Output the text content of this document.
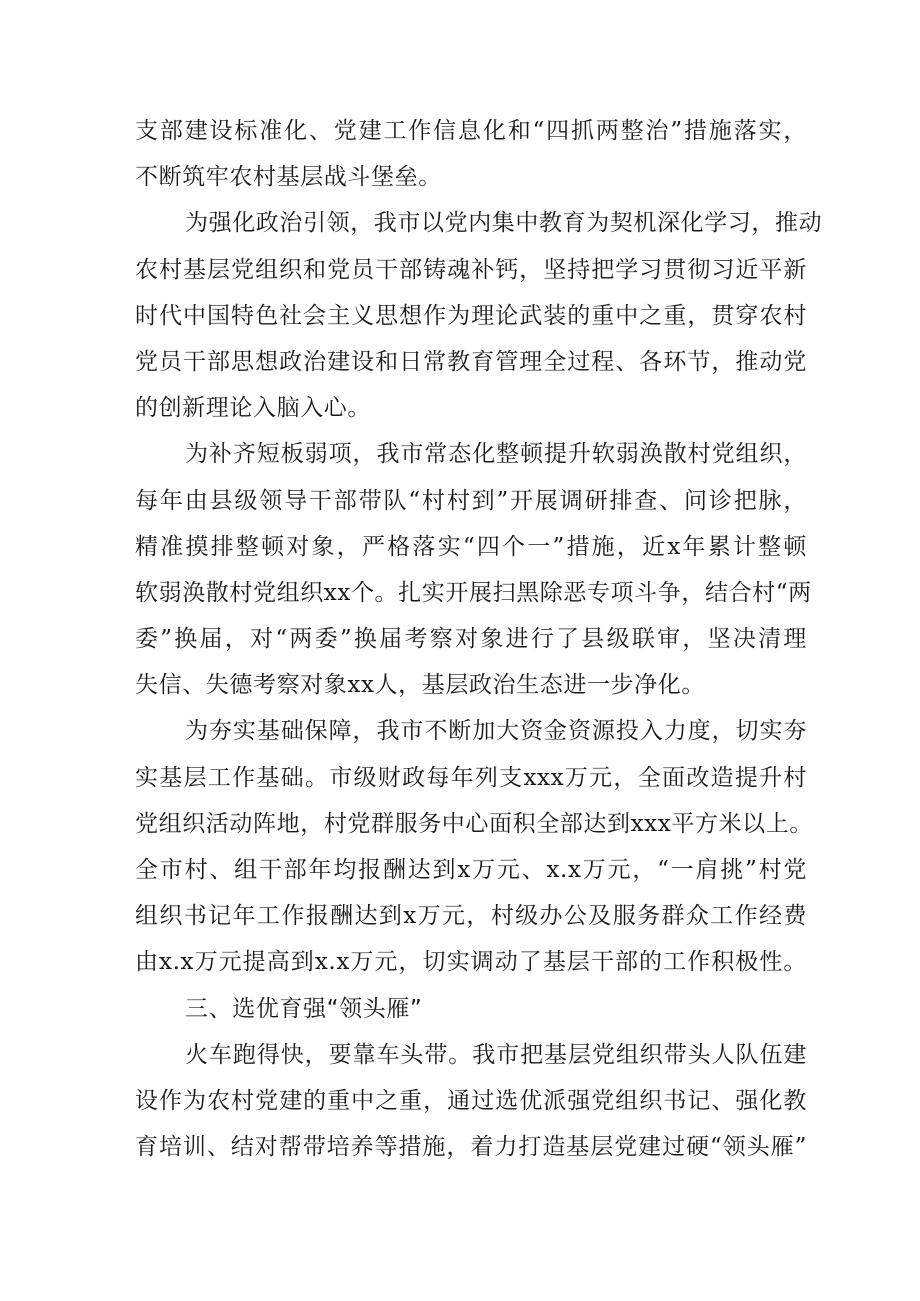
支部建设标准化、党建工作信息化和“四抓两整治”措施落实，
不断筑牢农村基层战斗堡垒。
为强化政治引领，我市以党内集中教育为契机深化学习，推动
农村基层党组织和党员干部铸魂补钙，坚持把学习贯彻习近平新
时代中国特色社会主义思想作为理论武装的重中之重，贯穿农村
党员干部思想政治建设和日常教育管理全过程、各环节，推动党
的创新理论入脑入心。
为补齐短板弱项，我市常态化整顿提升软弱涣散村党组织，
每年由县级领导干部带队“村村到”开展调研排查、问诊把脉，
精准摸排整顿对象，严格落实“四个一”措施，近x年累计整顿
软弱涣散村党组织xx个。扎实开展扫黑除恶专项斗争，结合村“两
委”换届，对“两委”换届考察对象进行了县级联审，坚决清理
失信、失德考察对象xx人，基层政治生态进一步净化。
为夯实基础保障，我市不断加大资金资源投入力度，切实夯
实基层工作基础。市级财政每年列支xxx万元，全面改造提升村
党组织活动阵地，村党群服务中心面积全部达到xxx平方米以上。
全市村、组干部年均报酬达到x万元、x.x万元，“一肩挑”村党
组织书记年工作报酬达到x万元，村级办公及服务群众工作经费
由x.x万元提高到x.x万元，切实调动了基层干部的工作积极性。
三、选优育强“领头雁”
火车跑得快，要靠车头带。我市把基层党组织带头人队伍建
设作为农村党建的重中之重，通过选优派强党组织书记、强化教
育培训、结对帮带培养等措施，着力打造基层党建过硬“领头雁”
